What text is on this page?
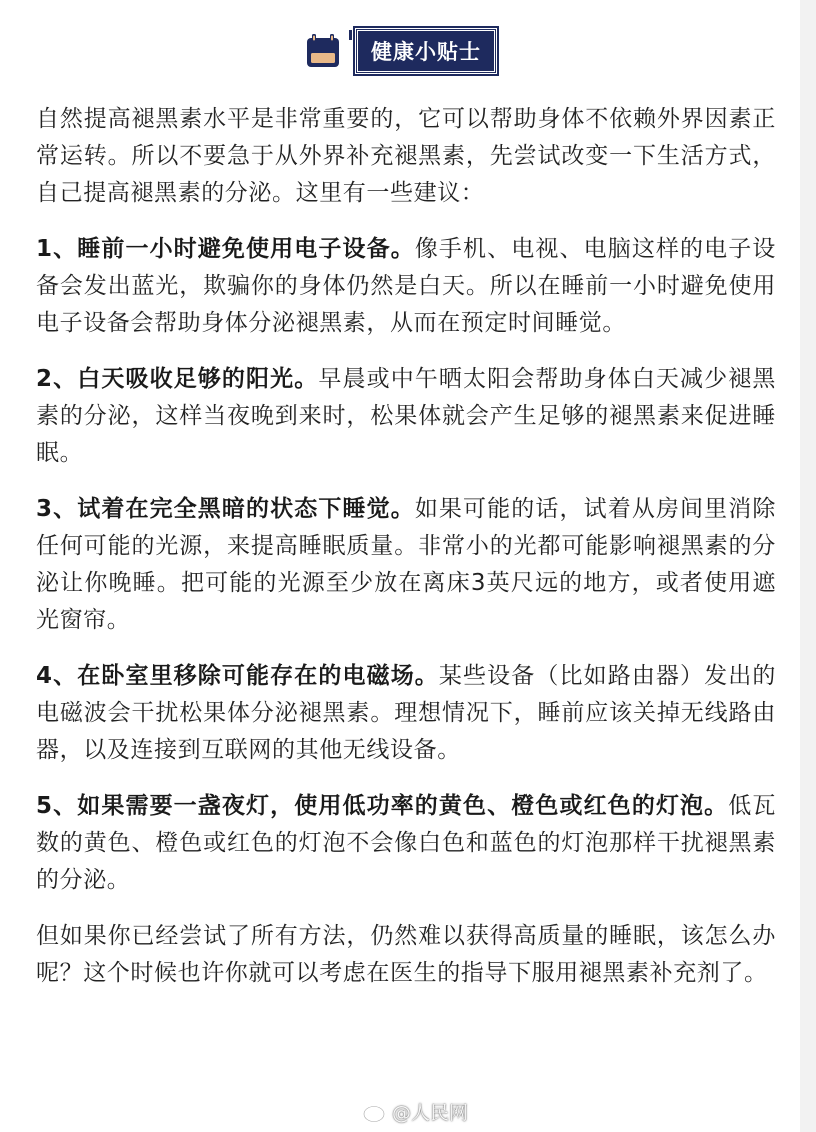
健康小贴士

自然提高褪黑素水平是非常重要的，它可以帮助身体不依赖外界因素正常运转。所以不要急于从外界补充褪黑素，先尝试改变一下生活方式，自己提高褪黑素的分泌。这里有一些建议：

1、睡前一小时避免使用电子设备。像手机、电视、电脑这样的电子设备会发出蓝光，欺骗你的身体仍然是白天。所以在睡前一小时避免使用电子设备会帮助身体分泌褪黑素，从而在预定时间睡觉。

2、白天吸收足够的阳光。早晨或中午晒太阳会帮助身体白天减少褪黑素的分泌，这样当夜晚到来时，松果体就会产生足够的褪黑素来促进睡眠。

3、试着在完全黑暗的状态下睡觉。如果可能的话，试着从房间里消除任何可能的光源，来提高睡眠质量。非常小的光都可能影响褪黑素的分泌让你晚睡。把可能的光源至少放在离床3英尺远的地方，或者使用遮光窗帘。

4、在卧室里移除可能存在的电磁场。某些设备（比如路由器）发出的电磁波会干扰松果体分泌褪黑素。理想情况下，睡前应该关掉无线路由器，以及连接到互联网的其他无线设备。

5、如果需要一盏夜灯，使用低功率的黄色、橙色或红色的灯泡。低瓦数的黄色、橙色或红色的灯泡不会像白色和蓝色的灯泡那样干扰褪黑素的分泌。

但如果你已经尝试了所有方法，仍然难以获得高质量的睡眠，该怎么办呢？这个时候也许你就可以考虑在医生的指导下服用褪黑素补充剂了。

@人民网
